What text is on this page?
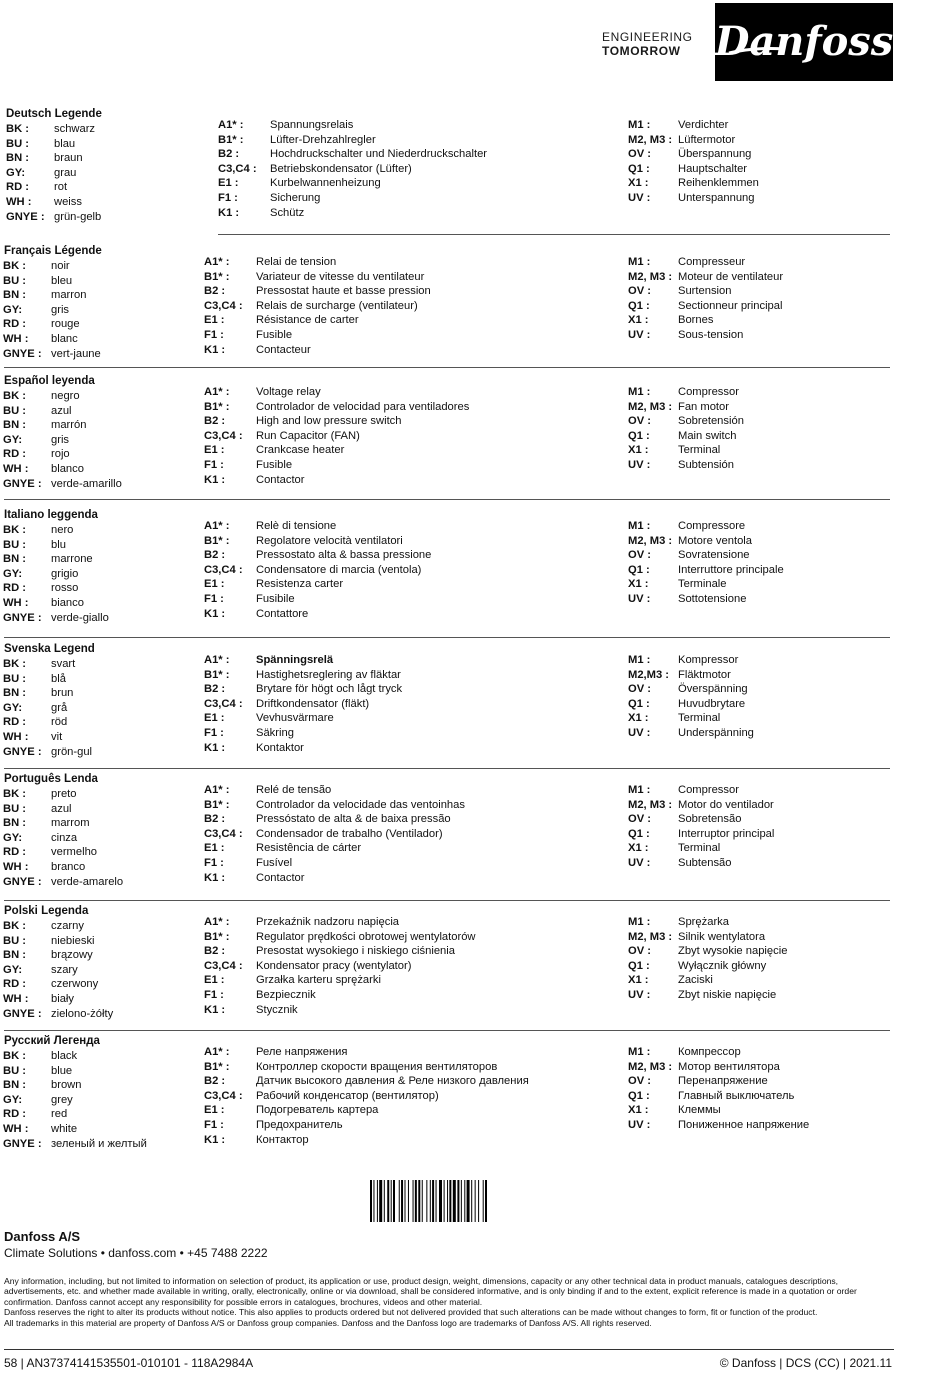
ENGINEERING
TOMORROW Danfoss
Deutsch Legende
BK : schwarz
BU : blau
BN : braun
GY:	grau
RD : rot
WH : weiss
GNYE : grün-gelb
A1* : Spannungsrelais
B1* : Lüfter-Drehzahlregler
B2 :	Hochdruckschalter und Niederdruckschalter
C3,C4 : Betriebskondensator (Lüfter)
E1 :	Kurbelwannenheizung
F1 :	Sicherung
K1 :	Schütz
M1 : Verdichter
M2, M3 : Lüftermotor
OV : Überspannung
Q1 :	Hauptschalter
X1 :	Reihenklemmen
UV : Unterspannung
Français Légende
BK : noir
BU : bleu
BN : marron
GY:	gris
RD : rouge
WH : blanc
GNYE : vert-jaune
A1* : Relai de tension
B1* : Variateur de vitesse du ventilateur
B2 :	Pressostat haute et basse pression
C3,C4 : Relais de surcharge (ventilateur)
E1 :	Résistance de carter
F1 :	Fusible
K1 :	Contacteur
M1 : Compresseur
M2, M3 : Moteur de ventilateur
OV : Surtension
Q1 :	Sectionneur principal
X1 :	Bornes
UV : Sous-tension
Español leyenda
BK : negro
BU : azul
BN : marrón
GY:	gris
RD : rojo
WH : blanco
GNYE : verde-amarillo
A1* : Voltage relay
B1* : Controlador de velocidad para ventiladores
B2 :	High and low pressure switch
C3,C4 : Run Capacitor (FAN)
E1 :	Crankcase heater
F1 :	Fusible
K1 :	Contactor
M1 : Compressor
M2, M3 : Fan motor
OV : Sobretensión
Q1 :	Main switch
X1 :	Terminal
UV : Subtensión
Italiano leggenda
BK : nero
BU : blu
BN : marrone
GY:	grigio
RD : rosso
WH : bianco
GNYE : verde-giallo
A1* : Relè di tensione
B1* : Regolatore velocità ventilatori
B2 :	Pressostato alta & bassa pressione
C3,C4 : Condensatore di marcia (ventola)
E1 :	Resistenza carter
F1 :	Fusibile
K1 :	Contattore
M1 : Compressore
M2, M3 : Motore ventola
OV : Sovratensione
Q1 :	Interruttore principale
X1 :	Terminale
UV : Sottotensione
Svenska Legend
BK : svart
BU : blå
BN : brun
GY:	grå
RD : röd
WH : vit
GNYE : grön-gul
A1* : Spänningsrelä
B1* : Hastighetsreglering av fläktar
B2 :	Brytare för högt och lågt tryck
C3,C4 : Driftkondensator (fläkt)
E1 :	Vevhusvärmare
F1 :	Säkring
K1 :	Kontaktor
M1 : Kompressor
M2,M3 : Fläktmotor
OV : Överspänning
Q1 :	Huvudbrytare
X1 :	Terminal
UV : Underspänning
Português Lenda
BK : preto
BU : azul
BN : marrom
GY:	cinza
RD : vermelho
WH : branco
GNYE : verde-amarelo
A1* : Relé de tensão
B1* : Controlador da velocidade das ventoinhas
B2 :	Pressóstato de alta & de baixa pressão
C3,C4 : Condensador de trabalho (Ventilador)
E1 :	Resistência de cárter
F1 :	Fusível
K1 :	Contactor
M1 : Compressor
M2, M3 : Motor do ventilador
OV : Sobretensão
Q1 :	Interruptor principal
X1 :	Terminal
UV : Subtensão
Polski Legenda
BK : czarny
BU : niebieski
BN : brązowy
GY:	szary
RD : czerwony
WH : biały
GNYE : zielono-żółty
A1* : Przekaźnik nadzoru napięcia
B1* : Regulator prędkości obrotowej wentylatorów
B2 :	Presostat wysokiego i niskiego ciśnienia
C3,C4 : Kondensator pracy (wentylator)
E1 :	Grzałka karteru sprężarki
F1 :	Bezpiecznik
K1 :	Stycznik
M1 : Sprężarka
M2, M3 : Silnik wentylatora
OV : Zbyt wysokie napięcie
Q1 :	Wyłącznik główny
X1 :	Zaciski
UV : Zbyt niskie napięcie
Русский Легенда
BK : black
BU : blue
BN : brown
GY:	grey
RD : red
WH : white
GNYE : зеленый и желтый
A1* : Реле напряжения
B1* : Контроллер скорости вращения вентиляторов
B2 :	Датчик высокого давления & Реле низкого давления
C3,C4 : Рабочий конденсатор (вентилятор)
E1 :	Подогреватель картера
F1 :	Предохранитель
K1 :	Контактор
M1 : Компрессор
M2, M3 : Мотор вентилятора
OV : Перенапряжение
Q1 :	Главный выключатель
X1 :	Клеммы
UV : Пониженное напряжение
Danfoss A/S
Climate Solutions • danfoss.com • +45 7488 2222

Any information, including, but not limited to information on selection of product, its application or use, product design, weight, dimensions, capacity or any other technical data in product manuals, catalogues descriptions, advertisements, etc. and whether made available in writing, orally, electronically, online or via download, shall be considered informative, and is only binding if and to the extent, explicit reference is made in a quotation or order confirmation. Danfoss cannot accept any responsibility for possible errors in catalogues, brochures, videos and other material.

Danfoss reserves the right to alter its products without notice. This also applies to products ordered but not delivered provided that such alterations can be made without changes to form, fit or function of the product.

All trademarks in this material are property of Danfoss A/S or Danfoss group companies. Danfoss and the Danfoss logo are trademarks of Danfoss A/S. All rights reserved.

58 | AN37374141535501-010101 - 118A2984A	© Danfoss | DCS (CC) | 2021.11
